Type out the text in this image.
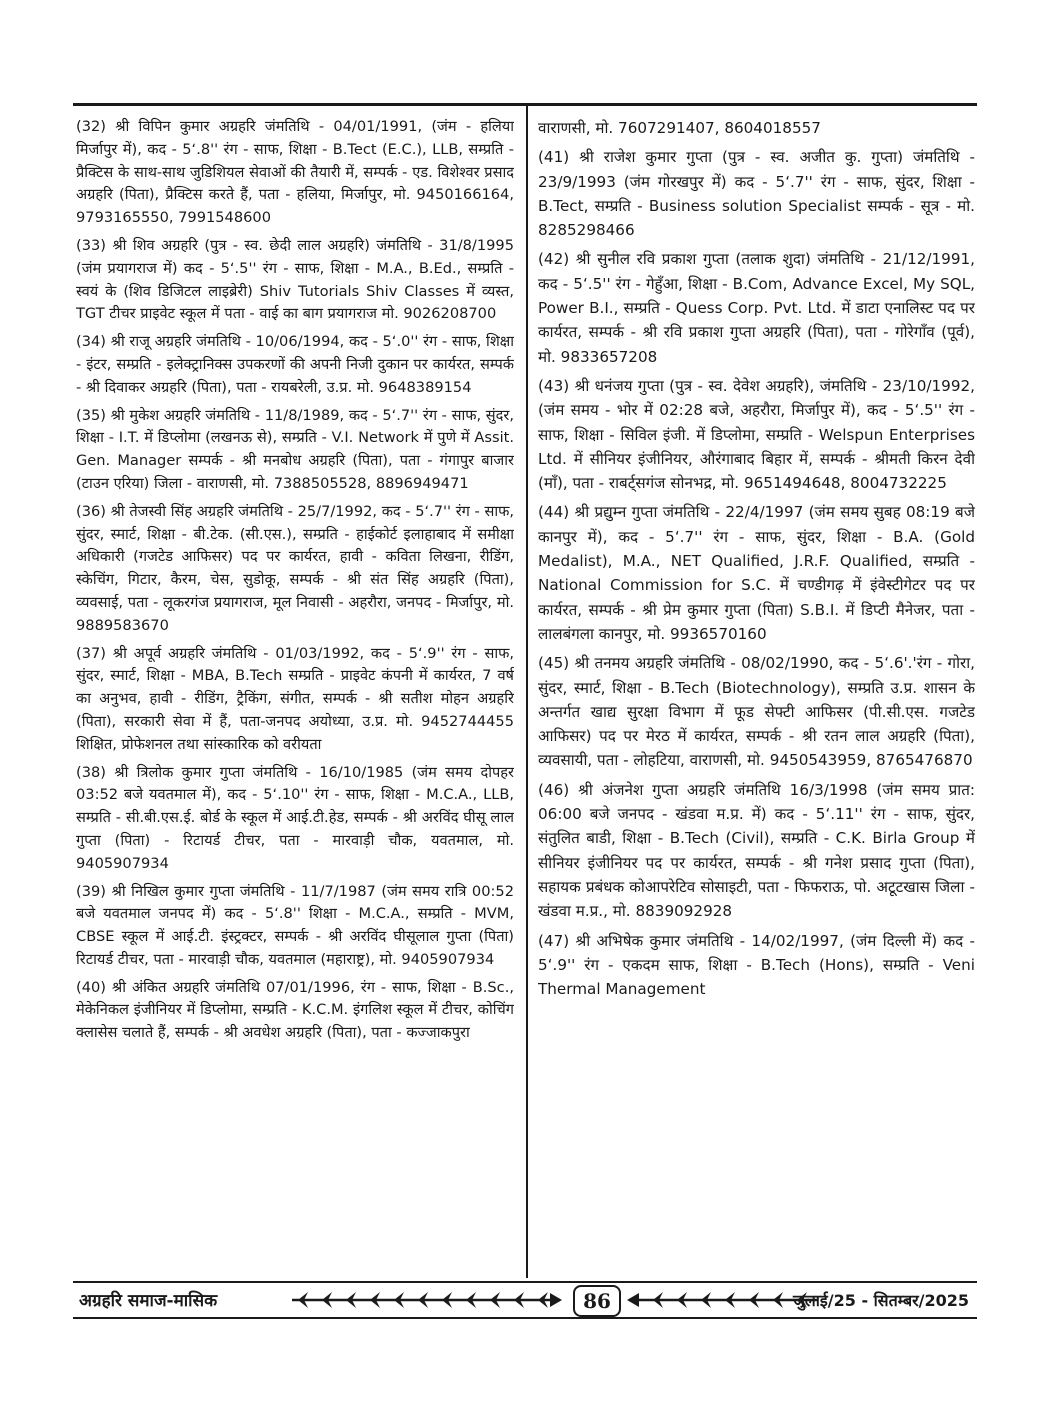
(32) श्री विपिन कुमार अग्रहरि जंमतिथि - 04/01/1991, (जंम - हलिया मिर्जापुर में), कद - 5ʻ.8'' रंग - साफ, शिक्षा - B.Tect (E.C.), LLB, सम्प्रति - प्रैक्टिस के साथ-साथ जुडिशियल सेवाओं की तैयारी में, सम्पर्क - एड. विशेश्वर प्रसाद अग्रहरि (पिता), प्रैक्टिस करते हैं, पता - हलिया, मिर्जापुर, मो. 9450166164, 9793165550, 7991548600

(33) श्री शिव अग्रहरि (पुत्र - स्व. छेदी लाल अग्रहरि) जंमतिथि - 31/8/1995 (जंम प्रयागराज में) कद - 5ʻ.5'' रंग - साफ, शिक्षा - M.A., B.Ed., सम्प्रति - स्वयं के (शिव डिजिटल लाइब्रेरी) Shiv Tutorials Shiv Classes में व्यस्त, TGT टीचर प्राइवेट स्कूल में पता - वाई का बाग प्रयागराज मो. 9026208700

(34) श्री राजू अग्रहरि जंमतिथि - 10/06/1994, कद - 5ʻ.0'' रंग - साफ, शिक्षा - इंटर, सम्प्रति - इलेक्ट्रानिक्स उपकरणों की अपनी निजी दुकान पर कार्यरत, सम्पर्क - श्री दिवाकर अग्रहरि (पिता), पता - रायबरेली, उ.प्र. मो. 9648389154

(35) श्री मुकेश अग्रहरि जंमतिथि - 11/8/1989, कद - 5ʻ.7'' रंग - साफ, सुंदर, शिक्षा - I.T. में डिप्लोमा (लखनऊ से), सम्प्रति - V.I. Network में पुणे में Assit. Gen. Manager सम्पर्क - श्री मनबोध अग्रहरि (पिता), पता - गंगापुर बाजार (टाउन एरिया) जिला - वाराणसी, मो. 7388505528, 8896949471

(36) श्री तेजस्वी सिंह अग्रहरि जंमतिथि - 25/7/1992, कद - 5ʻ.7'' रंग - साफ, सुंदर, स्मार्ट, शिक्षा - बी.टेक. (सी.एस.), सम्प्रति - हाईकोर्ट इलाहाबाद में समीक्षा अधिकारी (गजटेड आफिसर) पद पर कार्यरत, हावी - कविता लिखना, रीडिंग, स्केचिंग, गिटार, कैरम, चेस, सुडोकू, सम्पर्क - श्री संत सिंह अग्रहरि (पिता), व्यवसाई, पता - लूकरगंज प्रयागराज, मूल निवासी - अहरौरा, जनपद - मिर्जापुर, मो. 9889583670

(37) श्री अपूर्व अग्रहरि जंमतिथि - 01/03/1992, कद - 5ʻ.9'' रंग - साफ, सुंदर, स्मार्ट, शिक्षा - MBA, B.Tech सम्प्रति - प्राइवेट कंपनी में कार्यरत, 7 वर्ष का अनुभव, हावी - रीडिंग, ट्रैकिंग, संगीत, सम्पर्क - श्री सतीश मोहन अग्रहरि (पिता), सरकारी सेवा में हैं, पता-जनपद अयोध्या, उ.प्र. मो. 9452744455 शिक्षित, प्रोफेशनल तथा सांस्कारिक को वरीयता

(38) श्री त्रिलोक कुमार गुप्ता जंमतिथि - 16/10/1985 (जंम समय दोपहर 03:52 बजे यवतमाल में), कद - 5ʻ.10'' रंग - साफ, शिक्षा - M.C.A., LLB, सम्प्रति - सी.बी.एस.ई. बोर्ड के स्कूल में आई.टी.हेड, सम्पर्क - श्री अरविंद घीसू लाल गुप्ता (पिता) - रिटायर्ड टीचर, पता - मारवाड़ी चौक, यवतमाल, मो. 9405907934

(39) श्री निखिल कुमार गुप्ता जंमतिथि - 11/7/1987 (जंम समय रात्रि 00:52 बजे यवतमाल जनपद में) कद - 5ʻ.8'' शिक्षा - M.C.A., सम्प्रति - MVM, CBSE स्कूल में आई.टी. इंस्ट्रक्टर, सम्पर्क - श्री अरविंद घीसूलाल गुप्ता (पिता) रिटायर्ड टीचर, पता - मारवाड़ी चौक, यवतमाल (महाराष्ट्र), मो. 9405907934

(40) श्री अंकित अग्रहरि जंमतिथि 07/01/1996, रंग - साफ, शिक्षा - B.Sc., मेकेनिकल इंजीनियर में डिप्लोमा, सम्प्रति - K.C.M. इंगलिश स्कूल में टीचर, कोचिंग क्लासेस चलाते हैं, सम्पर्क - श्री अवधेश अग्रहरि (पिता), पता - कज्जाकपुरा

वाराणसी, मो. 7607291407, 8604018557

(41) श्री राजेश कुमार गुप्ता (पुत्र - स्व. अजीत कु. गुप्ता) जंमतिथि - 23/9/1993 (जंम गोरखपुर में) कद - 5ʻ.7'' रंग - साफ, सुंदर, शिक्षा - B.Tect, सम्प्रति - Business solution Specialist सम्पर्क - सूत्र - मो. 8285298466

(42) श्री सुनील रवि प्रकाश गुप्ता (तलाक शुदा) जंमतिथि - 21/12/1991, कद - 5ʻ.5'' रंग - गेहुँआ, शिक्षा - B.Com, Advance Excel, My SQL, Power B.I., सम्प्रति - Quess Corp. Pvt. Ltd. में डाटा एनालिस्ट पद पर कार्यरत, सम्पर्क - श्री रवि प्रकाश गुप्ता अग्रहरि (पिता), पता - गोरेगाँव (पूर्व), मो. 9833657208

(43) श्री धनंजय गुप्ता (पुत्र - स्व. देवेश अग्रहरि), जंमतिथि - 23/10/1992, (जंम समय - भोर में 02:28 बजे, अहरौरा, मिर्जापुर में), कद - 5ʻ.5'' रंग - साफ, शिक्षा - सिविल इंजी. में डिप्लोमा, सम्प्रति - Welspun Enterprises Ltd. में सीनियर इंजीनियर, औरंगाबाद बिहार में, सम्पर्क - श्रीमती किरन देवी (माँ), पता - राबर्ट्सगंज सोनभद्र, मो. 9651494648, 8004732225

(44) श्री प्रद्युम्न गुप्ता जंमतिथि - 22/4/1997 (जंम समय सुबह 08:19 बजे कानपुर में), कद - 5ʻ.7'' रंग - साफ, सुंदर, शिक्षा - B.A. (Gold Medalist), M.A., NET Qualified, J.R.F. Qualified, सम्प्रति - National Commission for S.C. में चण्डीगढ़ में इंवेस्टीगेटर पद पर कार्यरत, सम्पर्क - श्री प्रेम कुमार गुप्ता (पिता) S.B.I. में डिप्टी मैनेजर, पता - लालबंगला कानपुर, मो. 9936570160

(45) श्री तनमय अग्रहरि जंमतिथि - 08/02/1990, कद - 5ʻ.6'.'रंग - गोरा, सुंदर, स्मार्ट, शिक्षा - B.Tech (Biotechnology), सम्प्रति उ.प्र. शासन के अन्तर्गत खाद्य सुरक्षा विभाग में फूड सेफ्टी आफिसर (पी.सी.एस. गजटेड आफिसर) पद पर मेरठ में कार्यरत, सम्पर्क - श्री रतन लाल अग्रहरि (पिता), व्यवसायी, पता - लोहटिया, वाराणसी, मो. 9450543959, 8765476870

(46) श्री अंजनेश गुप्ता अग्रहरि जंमतिथि 16/3/1998 (जंम समय प्रात: 06:00 बजे जनपद - खंडवा म.प्र. में) कद - 5ʻ.11'' रंग - साफ, सुंदर, संतुलित बाडी, शिक्षा - B.Tech (Civil), सम्प्रति - C.K. Birla Group में सीनियर इंजीनियर पद पर कार्यरत, सम्पर्क - श्री गनेश प्रसाद गुप्ता (पिता), सहायक प्रबंधक कोआपरेटिव सोसाइटी, पता - फिफराऊ, पो. अटूटखास जिला - खंडवा म.प्र., मो. 8839092928

(47) श्री अभिषेक कुमार जंमतिथि - 14/02/1997, (जंम दिल्ली में) कद - 5ʻ.9'' रंग - एकदम साफ, शिक्षा - B.Tech (Hons), सम्प्रति - Veni Thermal Management

अग्रहरि समाज-मासिक	86	जुलाई/25 - सितम्बर/2025
